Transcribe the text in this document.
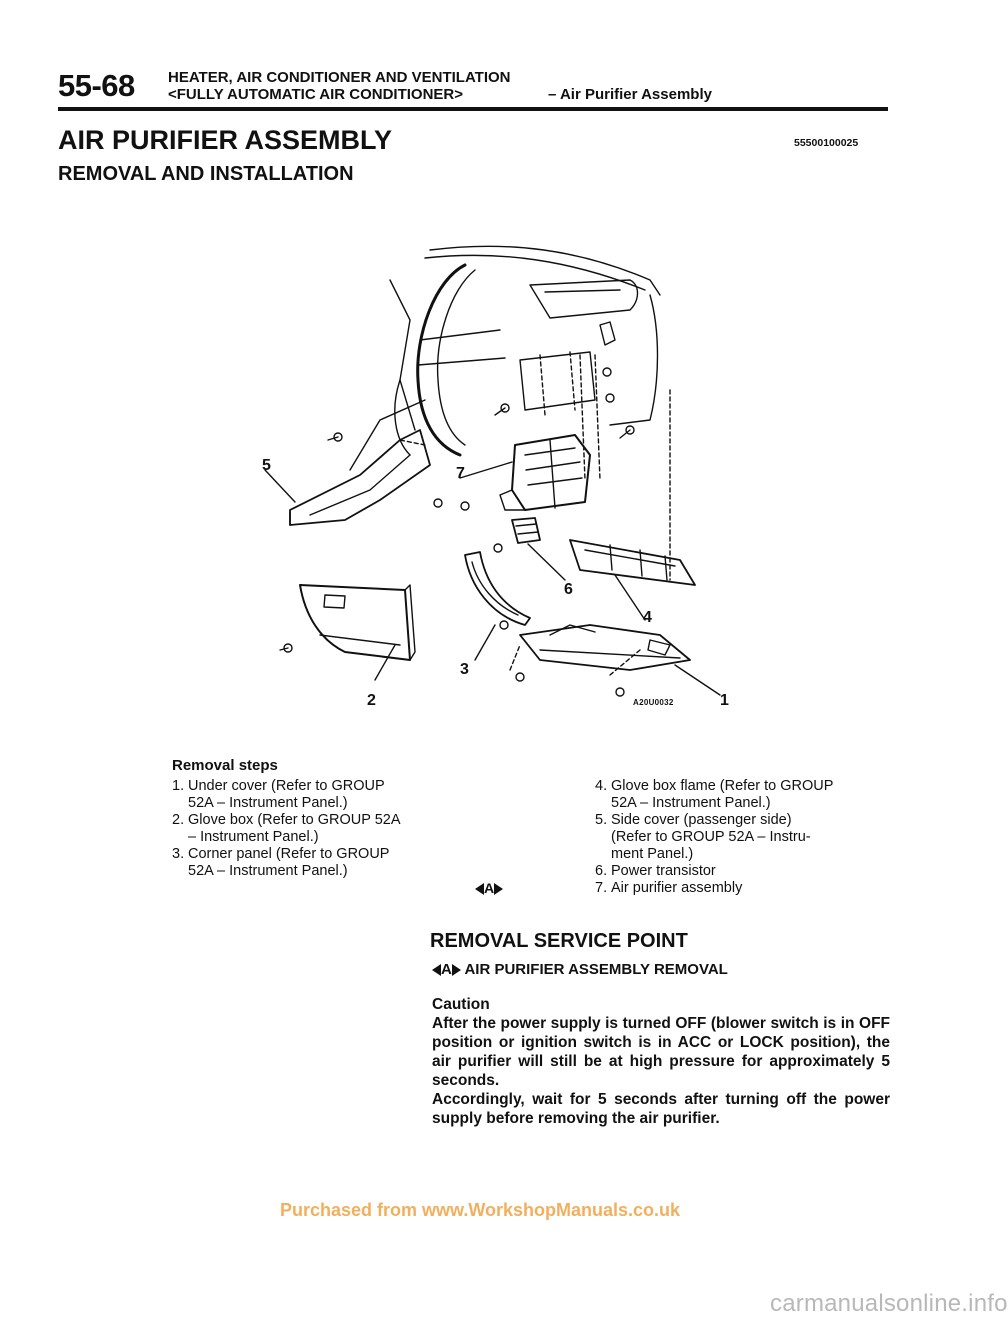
55-68 HEATER, AIR CONDITIONER AND VENTILATION
<FULLY AUTOMATIC AIR CONDITIONER>	– Air Purifier Assembly
AIR PURIFIER ASSEMBLY	55500100025
REMOVAL AND INSTALLATION
5	7
6
4
3
2	1
A20U0032
Removal steps
1. Under cover (Refer to GROUP
52A – Instrument Panel.)
2. Glove box (Refer to GROUP 52A
– Instrument Panel.)
3. Corner panel (Refer to GROUP
52A – Instrument Panel.)
4. Glove box flame (Refer to GROUP
52A – Instrument Panel.)
5. Side cover (passenger side)
(Refer to GROUP 52A – Instru-
ment Panel.)
6. Power transistor
7. Air purifier assembly
A
REMOVAL SERVICE POINT
A AIR PURIFIER ASSEMBLY REMOVAL
Caution
After the power supply is turned OFF (blower switch is in OFF position or ignition switch is in ACC or LOCK position), the air purifier will still be at high pressure for approximately 5 seconds.
Accordingly, wait for 5 seconds after turning off the power supply before removing the air purifier.
Purchased from www.WorkshopManuals.co.uk
carmanualsonline.info
